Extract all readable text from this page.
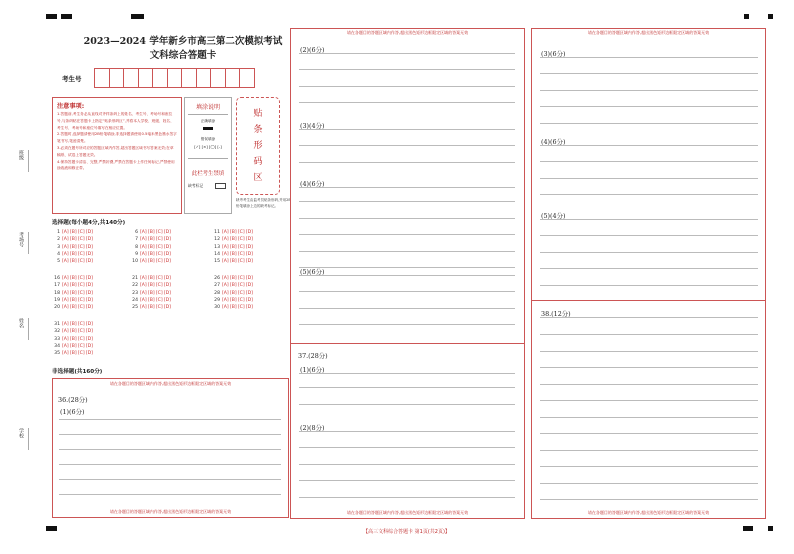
班级
考场号
姓名
学校
2023—2024 学年新乡市高三第二次模拟考试
文科综合答题卡
考生号
注意事项:
1.答题前,考生务必从直线对齐样条码上的姓名、考生号、考场号和座位号,与条码粘在答题卡上指定“贴条形码区”,并将本人学校、班级、姓名、考生号、考场号和座位号填写在相应位置。
2.答题时,选择题请使用2B铅笔填涂,非选择题请使用0.5毫米黑色墨水签字笔书写,笔迹清楚。
3.必须在题号所对应的答题区域内作答,超出答题区域书写答案无效;在草稿纸、试卷上答题无效。
4.保持答题卡清洁、完整,严禁折叠,严禁在答题卡上作任何标记,严禁使用涂改液和修正带。
填涂说明
正确填涂
错误填涂
[✓] [×] [◯] [-]
此栏考生禁填
缺考标记
贴
条
形
码
区
缺考考生由监考员贴条形码,并用2B铅笔填涂上边的缺考标记。
选择题(每小题4分,共140分)
1 [A][B][C][D]
2 [A][B][C][D]
3 [A][B][C][D]
4 [A][B][C][D]
5 [A][B][C][D]
6 [A][B][C][D]
7 [A][B][C][D]
8 [A][B][C][D]
9 [A][B][C][D]
10 [A][B][C][D]
11 [A][B][C][D]
12 [A][B][C][D]
13 [A][B][C][D]
14 [A][B][C][D]
15 [A][B][C][D]
16 [A][B][C][D]
17 [A][B][C][D]
18 [A][B][C][D]
19 [A][B][C][D]
20 [A][B][C][D]
21 [A][B][C][D]
22 [A][B][C][D]
23 [A][B][C][D]
24 [A][B][C][D]
25 [A][B][C][D]
26 [A][B][C][D]
27 [A][B][C][D]
28 [A][B][C][D]
29 [A][B][C][D]
30 [A][B][C][D]
31 [A][B][C][D]
32 [A][B][C][D]
33 [A][B][C][D]
34 [A][B][C][D]
35 [A][B][C][D]
非选择题(共160分)
请在各题目的答题区域内作答,超出黑色矩形边框限定区域的答案无效
36.(28分)
(1)(6分)
请在各题目的答题区域内作答,超出黑色矩形边框限定区域的答案无效
请在各题目的答题区域内作答,超出黑色矩形边框限定区域的答案无效
(2)(6分)
(3)(4分)
(4)(6分)
(5)(6分)
37.(28分)
(1)(6分)
(2)(8分)
请在各题目的答题区域内作答,超出黑色矩形边框限定区域的答案无效
请在各题目的答题区域内作答,超出黑色矩形边框限定区域的答案无效
(3)(6分)
(4)(6分)
(5)(4分)
38.(12分)
请在各题目的答题区域内作答,超出黑色矩形边框限定区域的答案无效
【高三文科综合答题卡 第1页(共2页)】
